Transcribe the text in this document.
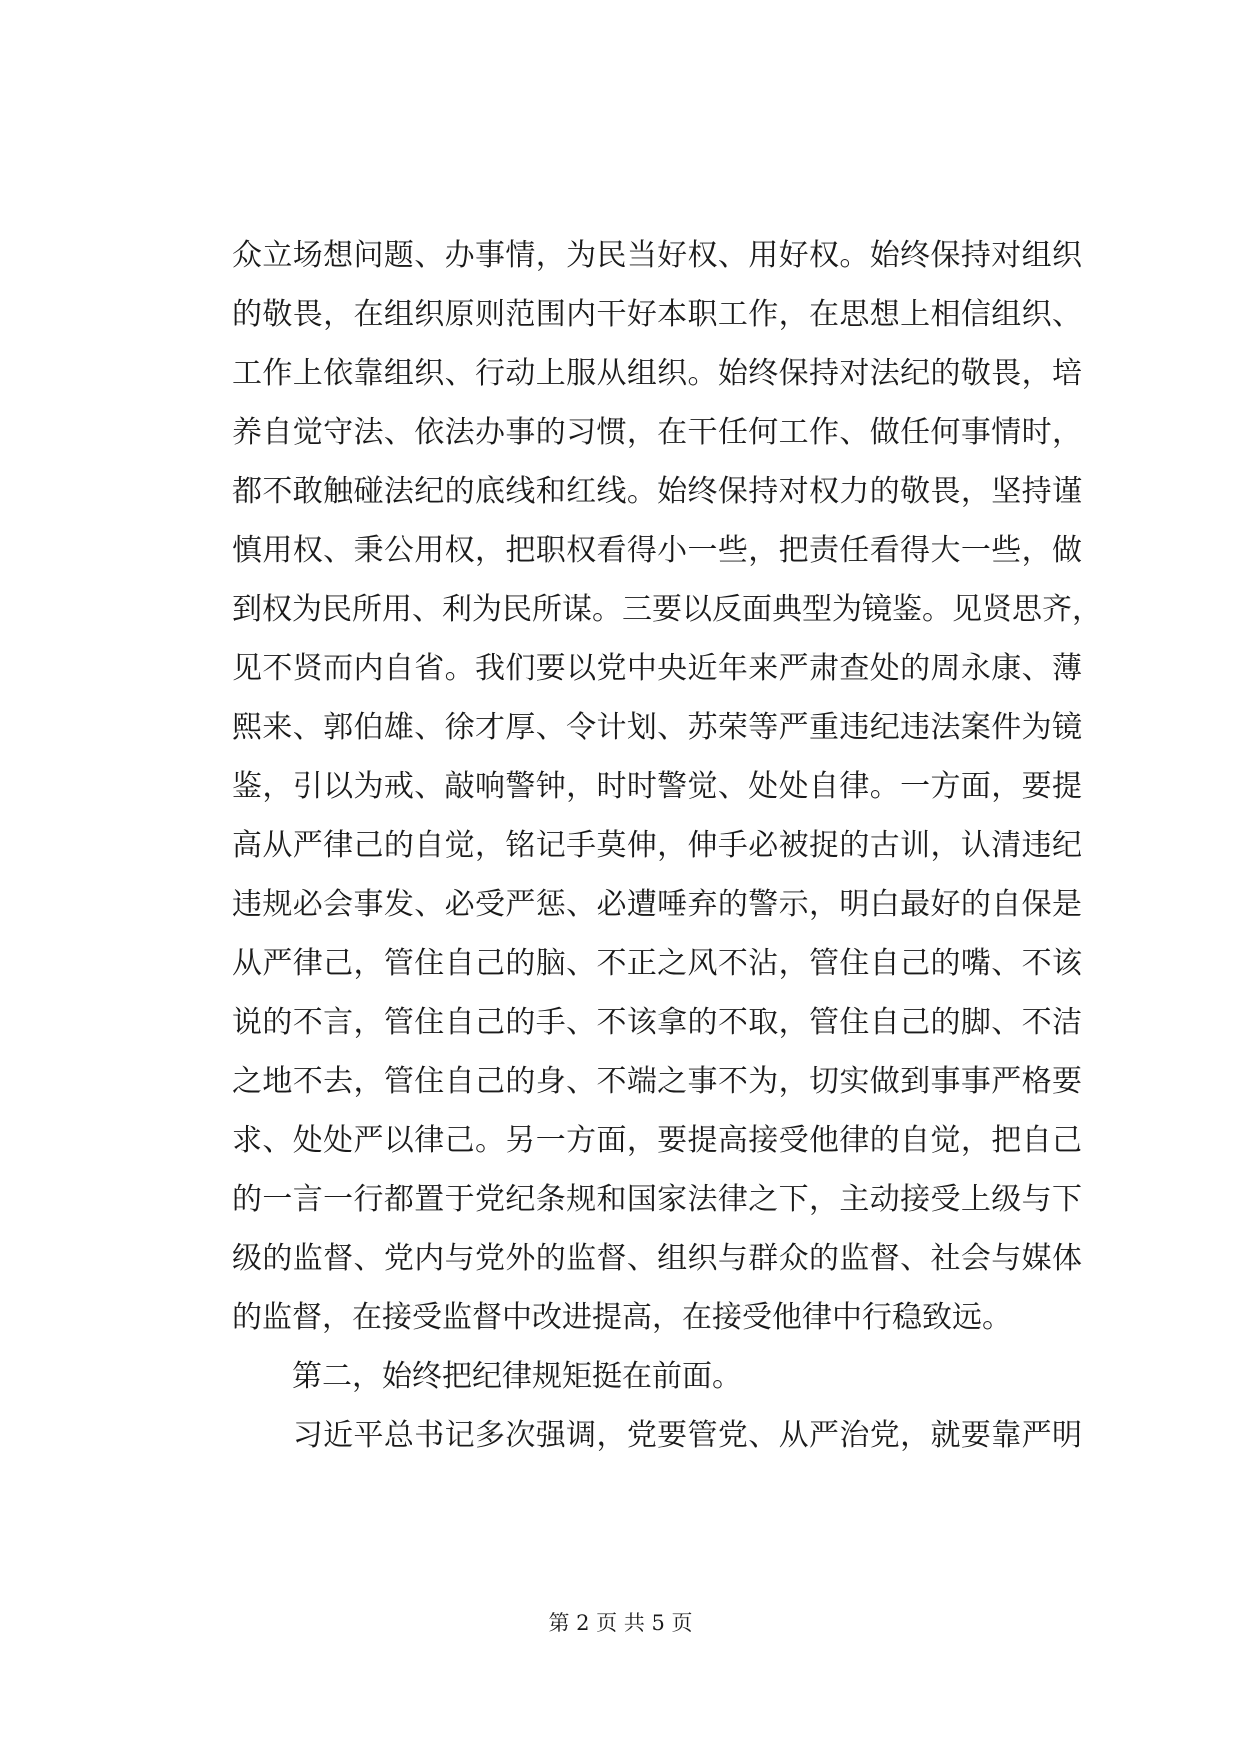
众立场想问题、办事情，为民当好权、用好权。始终保持对组织
的敬畏，在组织原则范围内干好本职工作，在思想上相信组织、
工作上依靠组织、行动上服从组织。始终保持对法纪的敬畏，培
养自觉守法、依法办事的习惯，在干任何工作、做任何事情时，
都不敢触碰法纪的底线和红线。始终保持对权力的敬畏，坚持谨
慎用权、秉公用权，把职权看得小一些，把责任看得大一些，做
到权为民所用、利为民所谋。三要以反面典型为镜鉴。见贤思齐，
见不贤而内自省。我们要以党中央近年来严肃查处的周永康、薄
熙来、郭伯雄、徐才厚、令计划、苏荣等严重违纪违法案件为镜
鉴，引以为戒、敲响警钟，时时警觉、处处自律。一方面，要提
高从严律己的自觉，铭记手莫伸，伸手必被捉的古训，认清违纪
违规必会事发、必受严惩、必遭唾弃的警示，明白最好的自保是
从严律己，管住自己的脑、不正之风不沾，管住自己的嘴、不该
说的不言，管住自己的手、不该拿的不取，管住自己的脚、不洁
之地不去，管住自己的身、不端之事不为，切实做到事事严格要
求、处处严以律己。另一方面，要提高接受他律的自觉，把自己
的一言一行都置于党纪条规和国家法律之下，主动接受上级与下
级的监督、党内与党外的监督、组织与群众的监督、社会与媒体
的监督，在接受监督中改进提高，在接受他律中行稳致远。
　　第二，始终把纪律规矩挺在前面。
　　习近平总书记多次强调，党要管党、从严治党，就要靠严明
第 2 页 共 5 页
